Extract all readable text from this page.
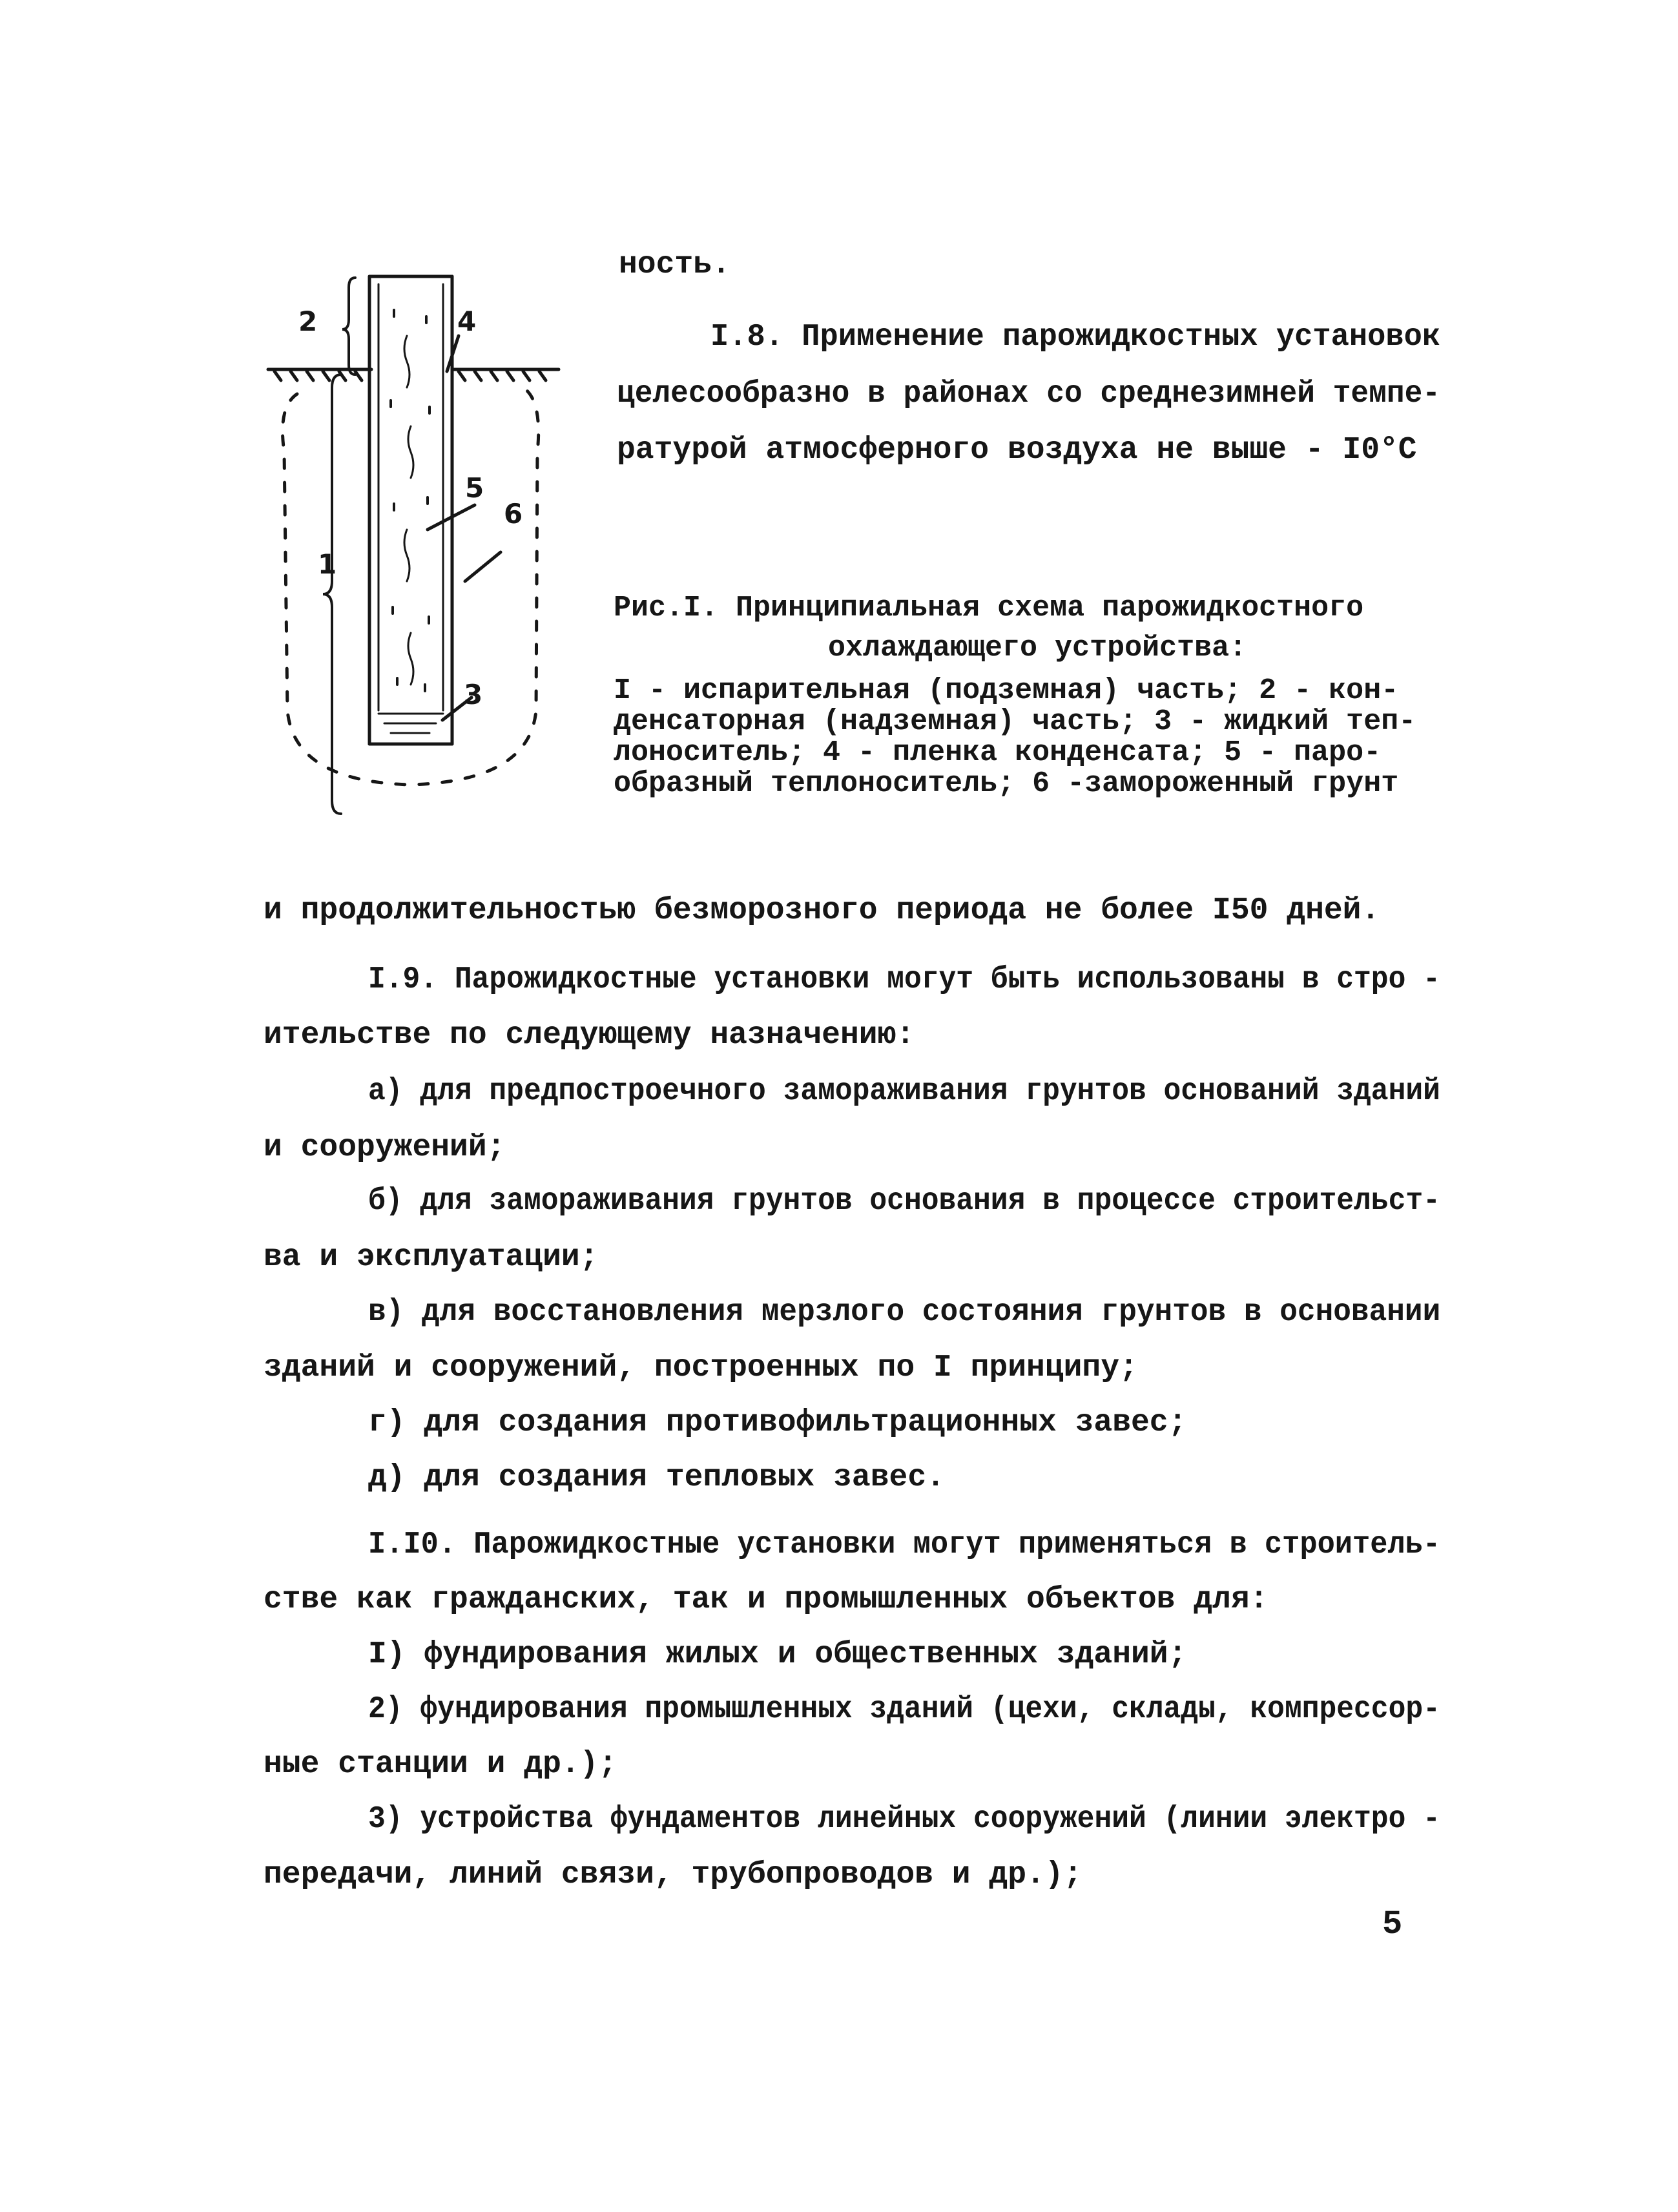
2	4
5
6
1
3
ность.
I.8. Применение парожидкостных установок
целесообразно в районах со среднезимней темпе-
ратурой атмосферного воздуха не выше - I0°С
Рис.I. Принципиальная схема парожидкостного
охлаждающего устройства:
I - испарительная (подземная) часть; 2 - кон-
денсаторная (надземная) часть; 3 - жидкий теп-
лоноситель; 4 - пленка конденсата; 5 - паро-
образный теплоноситель; 6 -замороженный грунт
и продолжительностью безморозного периода не более I50 дней.
I.9. Парожидкостные установки могут быть использованы в стро -
ительстве по следующему назначению:
а) для предпостроечного замораживания грунтов оснований зданий
и сооружений;
б) для замораживания грунтов основания в процессе строительст-
ва и эксплуатации;
в) для восстановления мерзлого состояния грунтов в основании
зданий и сооружений, построенных по I принципу;
г) для создания противофильтрационных завес;
д) для создания тепловых завес.
I.I0. Парожидкостные установки могут применяться в строитель-
стве как гражданских, так и промышленных объектов для:
I) фундирования жилых и общественных зданий;
2) фундирования промышленных зданий (цехи, склады, компрессор-
ные станции и др.);
3) устройства фундаментов линейных сооружений (линии электро -
передачи, линий связи, трубопроводов и др.);
5
